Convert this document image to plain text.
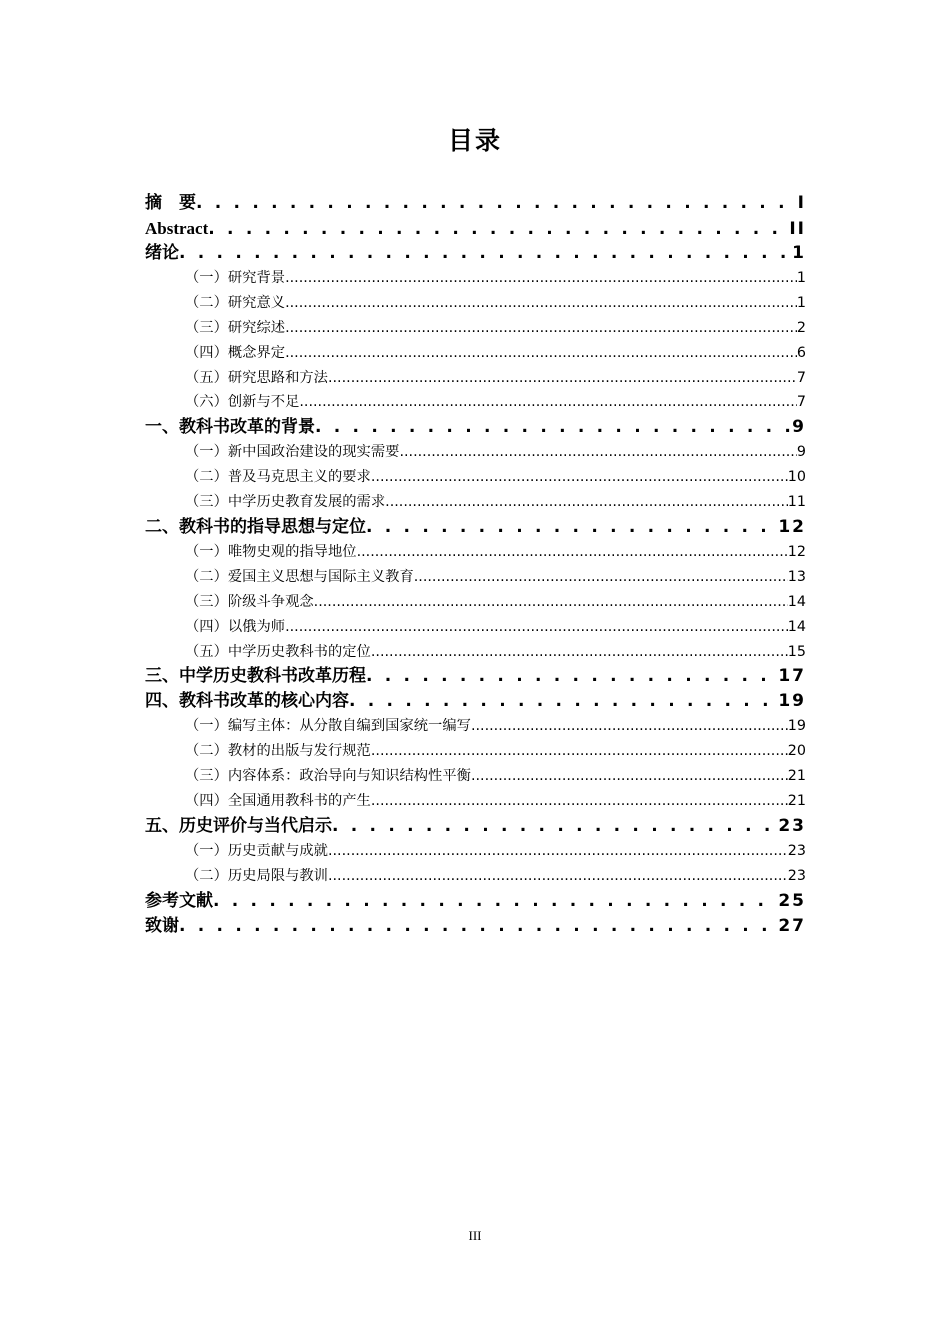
目录
摘　要 . . .	I
Abstract . . .	II
绪论 . . .	1
（一）研究背景 .....	1
（二）研究意义 .....	1
（三）研究综述 .....	2
（四）概念界定 .....	6
（五）研究思路和方法 .....	7
（六）创新与不足 .....	7
一、教科书改革的背景 . . .	9
（一）新中国政治建设的现实需要 .....	9
（二）普及马克思主义的要求 .....	10
（三）中学历史教育发展的需求 .....	11
二、教科书的指导思想与定位 . . .	12
（一）唯物史观的指导地位 .....	12
（二）爱国主义思想与国际主义教育 .....	13
（三）阶级斗争观念 .....	14
（四）以俄为师 .....	14
（五）中学历史教科书的定位 .....	15
三、中学历史教科书改革历程 . . .	17
四、教科书改革的核心内容 . . .	19
（一）编写主体：从分散自编到国家统一编写 .....	19
（二）教材的出版与发行规范 .....	20
（三）内容体系：政治导向与知识结构性平衡 .....	21
（四）全国通用教科书的产生 .....	21
五、历史评价与当代启示 . . .	23
（一）历史贡献与成就 .....	23
（二）历史局限与教训 .....	23
参考文献 . . .	25
致谢 . . .	27
III
